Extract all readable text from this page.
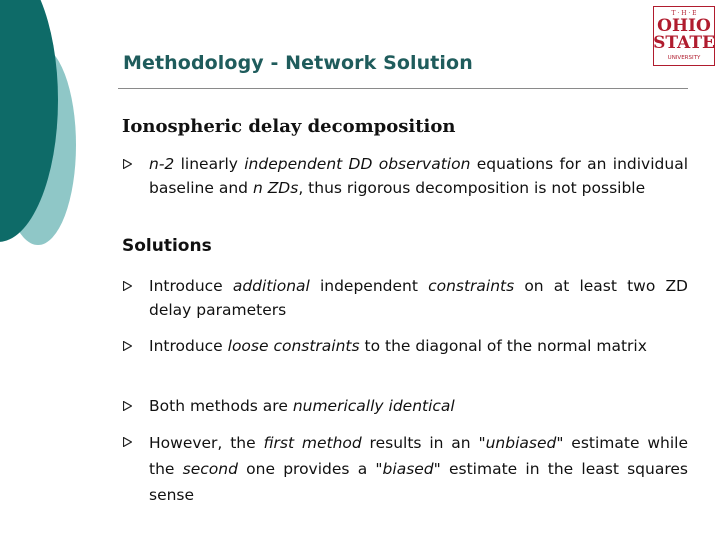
T · H · E
OHIO
STATE
UNIVERSITY
Methodology - Network Solution
Ionospheric delay decomposition
n-2 linearly independent DD observation equations for an individual baseline and n ZDs, thus rigorous decomposition is not possible
Solutions
Introduce additional independent constraints on at least two ZD delay parameters
Introduce loose constraints to the diagonal of the normal matrix
Both methods are numerically identical
However, the first method results in an "unbiased" estimate while the second one provides a "biased" estimate in the least squares sense
